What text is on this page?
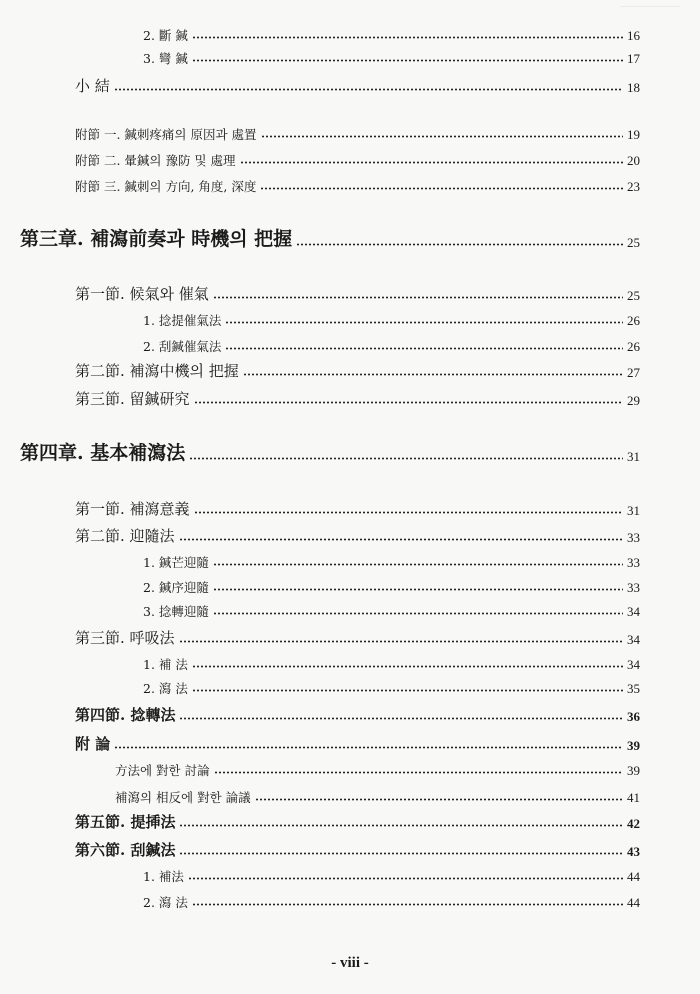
2. 斷 鍼	16
3. 彎 鍼	17
小 結	18
附節 一. 鍼刺疼痛의 原因과 處置	19
附節 二. 暈鍼의 豫防 및 處理	20
附節 三. 鍼刺의 方向, 角度, 深度	23
第三章. 補瀉前奏과 時機의 把握	25
第一節. 候氣와 催氣	25
1. 捻提催氣法	26
2. 刮鍼催氣法	26
第二節. 補瀉中機의 把握	27
第三節. 留鍼研究	29
第四章. 基本補瀉法	31
第一節. 補瀉意義	31
第二節. 迎隨法	33
1. 鍼芒迎隨	33
2. 鍼序迎隨	33
3. 捻轉迎隨	34
第三節. 呼吸法	34
1. 補 法	34
2. 瀉 法	35
第四節. 捻轉法	36
附 論	39
方法에 對한 討論	39
補瀉의 相反에 對한 論議	41
第五節. 提揷法	42
第六節. 刮鍼法	43
1. 補法	44
2. 瀉 法	44
- viii -
